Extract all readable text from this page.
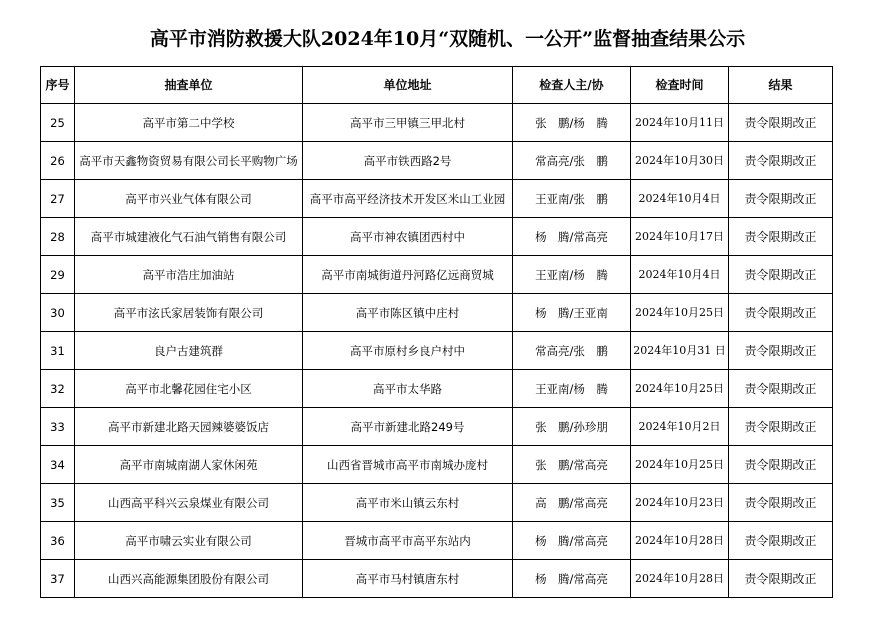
高平市消防救援大队2024年10月“双随机、一公开”监督抽查结果公示
序号	抽查单位	单位地址	检查人主/协	检查时间	结果
25	高平市第二中学校	高平市三甲镇三甲北村	张　鹏/杨　腾	2024年10月11日	责令限期改正
26	高平市天鑫物资贸易有限公司长平购物广场	高平市铁西路2号	常高亮/张　鹏	2024年10月30日	责令限期改正
27	高平市兴业气体有限公司	高平市高平经济技术开发区米山工业园	王亚南/张　鹏	2024年10月4日	责令限期改正
28	高平市城建液化气石油气销售有限公司	高平市神农镇团西村中	杨　腾/常高亮	2024年10月17日	责令限期改正
29	高平市浩庄加油站	高平市南城街道丹河路亿远商贸城	王亚南/杨　腾	2024年10月4日	责令限期改正
30	高平市泫氏家居装饰有限公司	高平市陈区镇中庄村	杨　腾/王亚南	2024年10月25日	责令限期改正
31	良户古建筑群	高平市原村乡良户村中	常高亮/张　鹏	2024年10月31 日	责令限期改正
32	高平市北馨花园住宅小区	高平市太华路	王亚南/杨　腾	2024年10月25日	责令限期改正
33	高平市新建北路天园辣婆婆饭店	高平市新建北路249号	张　鹏/孙珍朋	2024年10月2日	责令限期改正
34	高平市南城南湖人家休闲苑	山西省晋城市高平市南城办庞村	张　鹏/常高亮	2024年10月25日	责令限期改正
35	山西高平科兴云泉煤业有限公司	高平市米山镇云东村	高　鹏/常高亮	2024年10月23日	责令限期改正
36	高平市啸云实业有限公司	晋城市高平市高平东站内	杨　腾/常高亮	2024年10月28日	责令限期改正
37	山西兴高能源集团股份有限公司	高平市马村镇唐东村	杨　腾/常高亮	2024年10月28日	责令限期改正
